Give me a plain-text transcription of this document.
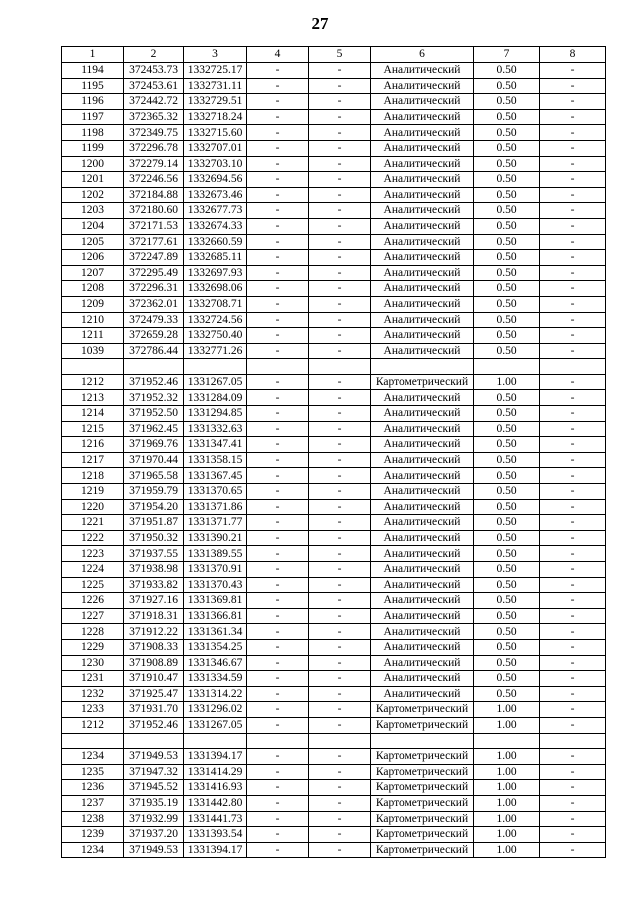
27
1	2	3	4	5	6	7	8
1194	372453.73	1332725.17	-	-	Аналитический	0.50	-
1195	372453.61	1332731.11	-	-	Аналитический	0.50	-
1196	372442.72	1332729.51	-	-	Аналитический	0.50	-
1197	372365.32	1332718.24	-	-	Аналитический	0.50	-
1198	372349.75	1332715.60	-	-	Аналитический	0.50	-
1199	372296.78	1332707.01	-	-	Аналитический	0.50	-
1200	372279.14	1332703.10	-	-	Аналитический	0.50	-
1201	372246.56	1332694.56	-	-	Аналитический	0.50	-
1202	372184.88	1332673.46	-	-	Аналитический	0.50	-
1203	372180.60	1332677.73	-	-	Аналитический	0.50	-
1204	372171.53	1332674.33	-	-	Аналитический	0.50	-
1205	372177.61	1332660.59	-	-	Аналитический	0.50	-
1206	372247.89	1332685.11	-	-	Аналитический	0.50	-
1207	372295.49	1332697.93	-	-	Аналитический	0.50	-
1208	372296.31	1332698.06	-	-	Аналитический	0.50	-
1209	372362.01	1332708.71	-	-	Аналитический	0.50	-
1210	372479.33	1332724.56	-	-	Аналитический	0.50	-
1211	372659.28	1332750.40	-	-	Аналитический	0.50	-
1039	372786.44	1332771.26	-	-	Аналитический	0.50	-

1212	371952.46	1331267.05	-	-	Картометрический	1.00	-
1213	371952.32	1331284.09	-	-	Аналитический	0.50	-
1214	371952.50	1331294.85	-	-	Аналитический	0.50	-
1215	371962.45	1331332.63	-	-	Аналитический	0.50	-
1216	371969.76	1331347.41	-	-	Аналитический	0.50	-
1217	371970.44	1331358.15	-	-	Аналитический	0.50	-
1218	371965.58	1331367.45	-	-	Аналитический	0.50	-
1219	371959.79	1331370.65	-	-	Аналитический	0.50	-
1220	371954.20	1331371.86	-	-	Аналитический	0.50	-
1221	371951.87	1331371.77	-	-	Аналитический	0.50	-
1222	371950.32	1331390.21	-	-	Аналитический	0.50	-
1223	371937.55	1331389.55	-	-	Аналитический	0.50	-
1224	371938.98	1331370.91	-	-	Аналитический	0.50	-
1225	371933.82	1331370.43	-	-	Аналитический	0.50	-
1226	371927.16	1331369.81	-	-	Аналитический	0.50	-
1227	371918.31	1331366.81	-	-	Аналитический	0.50	-
1228	371912.22	1331361.34	-	-	Аналитический	0.50	-
1229	371908.33	1331354.25	-	-	Аналитический	0.50	-
1230	371908.89	1331346.67	-	-	Аналитический	0.50	-
1231	371910.47	1331334.59	-	-	Аналитический	0.50	-
1232	371925.47	1331314.22	-	-	Аналитический	0.50	-
1233	371931.70	1331296.02	-	-	Картометрический	1.00	-
1212	371952.46	1331267.05	-	-	Картометрический	1.00	-

1234	371949.53	1331394.17	-	-	Картометрический	1.00	-
1235	371947.32	1331414.29	-	-	Картометрический	1.00	-
1236	371945.52	1331416.93	-	-	Картометрический	1.00	-
1237	371935.19	1331442.80	-	-	Картометрический	1.00	-
1238	371932.99	1331441.73	-	-	Картометрический	1.00	-
1239	371937.20	1331393.54	-	-	Картометрический	1.00	-
1234	371949.53	1331394.17	-	-	Картометрический	1.00	-
